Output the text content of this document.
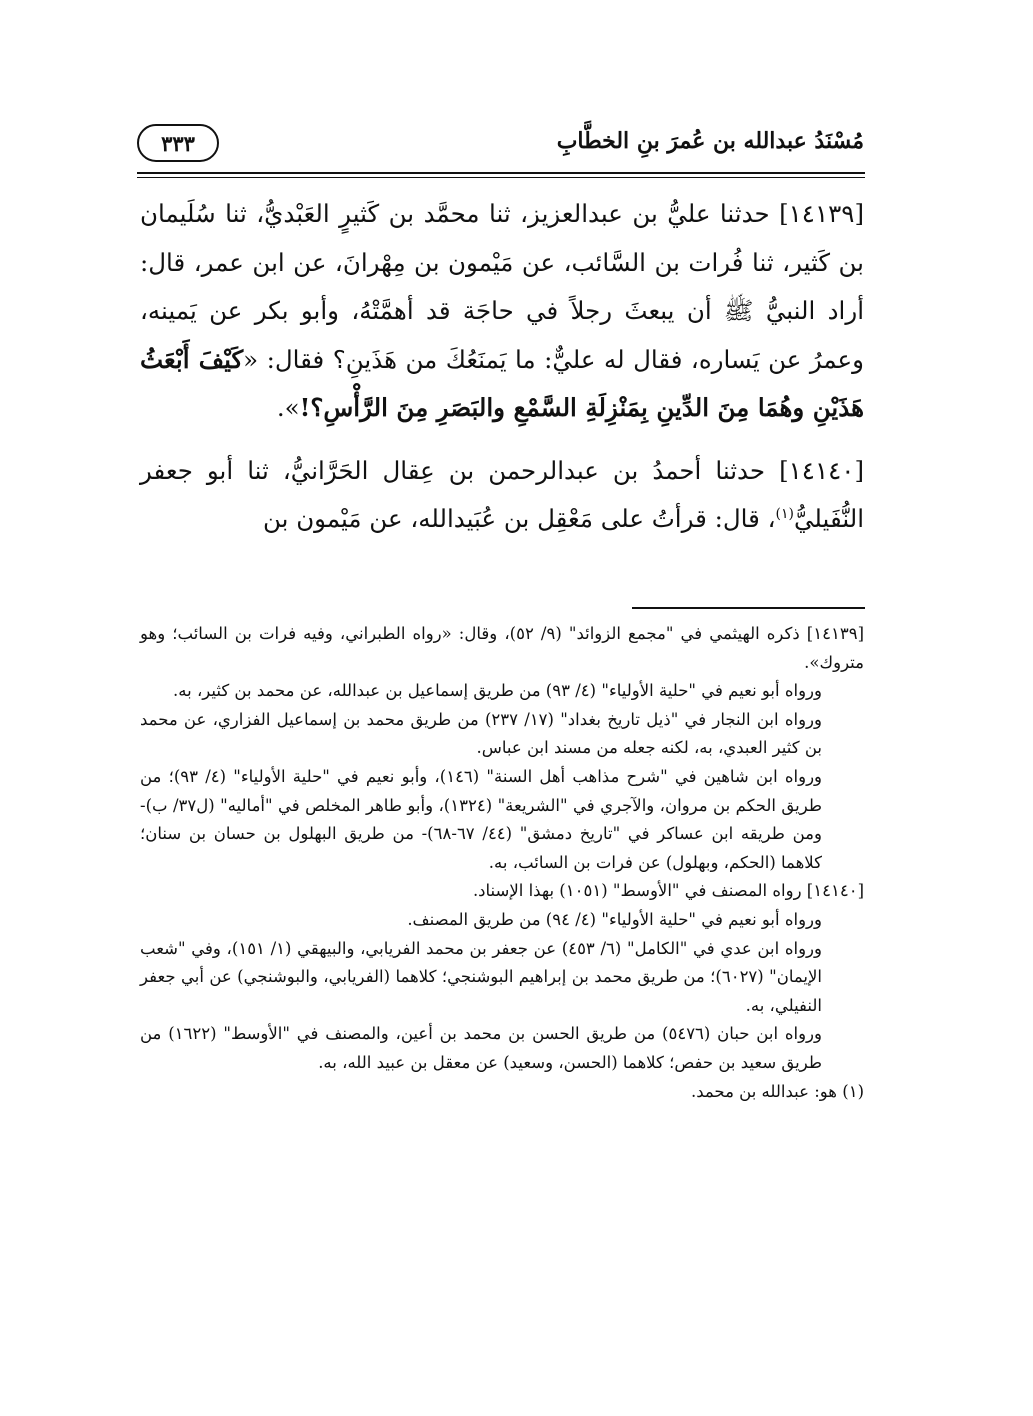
مُسْنَدُ عبدالله بن عُمرَ بنِ الخطَّابِ
٣٣٣

[١٤١٣٩] حدثنا عليُّ بن عبدالعزيز، ثنا محمَّد بن كَثيرٍ العَبْديُّ، ثنا سُلَيمان بن كَثير، ثنا فُرات بن السَّائب، عن مَيْمون بن مِهْرانَ، عن ابن عمر، قال: أراد النبيُّ ﷺ أن يبعثَ رجلاً في حاجَة قد أهمَّتْهُ، وأبو بكر عن يَمينه، وعمرُ عن يَساره، فقال له عليٌّ: ما يَمنَعُكَ من هَذَينِ؟ فقال: «كَيْفَ أَبْعَثُ هَذَيْنِ وهُمَا مِنَ الدِّينِ بِمَنْزِلَةِ السَّمْعِ والبَصَرِ مِنَ الرَّأْسِ؟!».

[١٤١٤٠] حدثنا أحمدُ بن عبدالرحمن بن عِقال الحَرَّانيُّ، ثنا أبو جعفر النُّفَيليُّ$^{(١)}$، قال: قرأتُ على مَعْقِل بن عُبَيدالله، عن مَيْمون بن

[١٤١٣٩] ذكره الهيثمي في "مجمع الزوائد" (٩/ ٥٢)، وقال: «رواه الطبراني، وفيه فرات بن السائب؛ وهو متروك».

ورواه أبو نعيم في "حلية الأولياء" (٤/ ٩٣) من طريق إسماعيل بن عبدالله، عن محمد بن كثير، به.

ورواه ابن النجار في "ذيل تاريخ بغداد" (١٧/ ٢٣٧) من طريق محمد بن إسماعيل الفزاري، عن محمد بن كثير العبدي، به، لكنه جعله من مسند ابن عباس.

ورواه ابن شاهين في "شرح مذاهب أهل السنة" (١٤٦)، وأبو نعيم في "حلية الأولياء" (٤/ ٩٣)؛ من طريق الحكم بن مروان، والآجري في "الشريعة" (١٣٢٤)، وأبو طاهر المخلص في "أماليه" (ل٣٧/ ب)- ومن طريقه ابن عساكر في "تاريخ دمشق" (٤٤/ ٦٧-٦٨)- من طريق البهلول بن حسان بن سنان؛ كلاهما (الحكم، وبهلول) عن فرات بن السائب، به.

[١٤١٤٠] رواه المصنف في "الأوسط" (١٠٥١) بهذا الإسناد.

ورواه أبو نعيم في "حلية الأولياء" (٤/ ٩٤) من طريق المصنف.

ورواه ابن عدي في "الكامل" (٦/ ٤٥٣) عن جعفر بن محمد الفريابي، والبيهقي (١/ ١٥١)، وفي "شعب الإيمان" (٦٠٢٧)؛ من طريق محمد بن إبراهيم البوشنجي؛ كلاهما (الفريابي، والبوشنجي) عن أبي جعفر النفيلي، به.

ورواه ابن حبان (٥٤٧٦) من طريق الحسن بن محمد بن أعين، والمصنف في "الأوسط" (١٦٢٢) من طريق سعيد بن حفص؛ كلاهما (الحسن، وسعيد) عن معقل بن عبيد الله، به.

(١) هو: عبدالله بن محمد.
